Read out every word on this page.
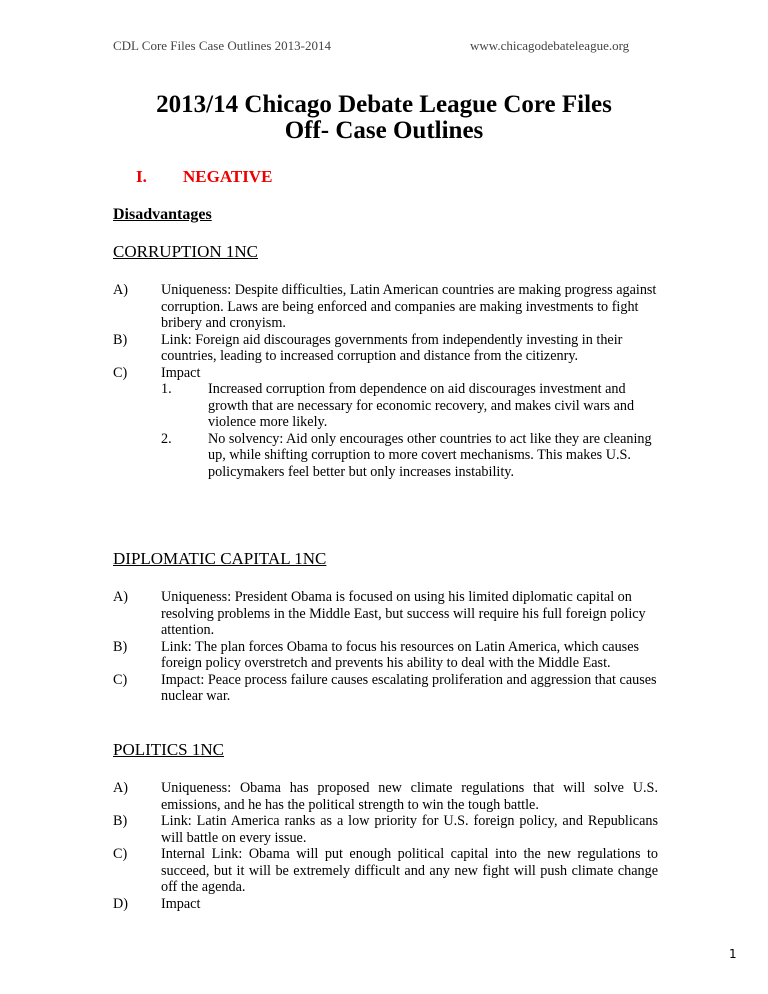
CDL Core Files Case Outlines 2013-2014	www.chicagodebateleague.org
2013/14 Chicago Debate League Core Files
Off- Case Outlines
I. NEGATIVE
Disadvantages
CORRUPTION 1NC
A)	Uniqueness: Despite difficulties, Latin American countries are making progress against corruption. Laws are being enforced and companies are making investments to fight bribery and cronyism.
B)	Link: Foreign aid discourages governments from independently investing in their countries, leading to increased corruption and distance from the citizenry.
C)	Impact
1.	Increased corruption from dependence on aid discourages investment and growth that are necessary for economic recovery, and makes civil wars and violence more likely.
2.	No solvency: Aid only encourages other countries to act like they are cleaning up, while shifting corruption to more covert mechanisms. This makes U.S. policymakers feel better but only increases instability.
DIPLOMATIC CAPITAL 1NC
A)	Uniqueness: President Obama is focused on using his limited diplomatic capital on resolving problems in the Middle East, but success will require his full foreign policy attention.
B)	Link: The plan forces Obama to focus his resources on Latin America, which causes foreign policy overstretch and prevents his ability to deal with the Middle East.
C)	Impact: Peace process failure causes escalating proliferation and aggression that causes nuclear war.
POLITICS 1NC
A)	Uniqueness: Obama has proposed new climate regulations that will solve U.S. emissions, and he has the political strength to win the tough battle.
B)	Link: Latin America ranks as a low priority for U.S. foreign policy, and Republicans will battle on every issue.
C)	Internal Link: Obama will put enough political capital into the new regulations to succeed, but it will be extremely difficult and any new fight will push climate change off the agenda.
D)	Impact
1
